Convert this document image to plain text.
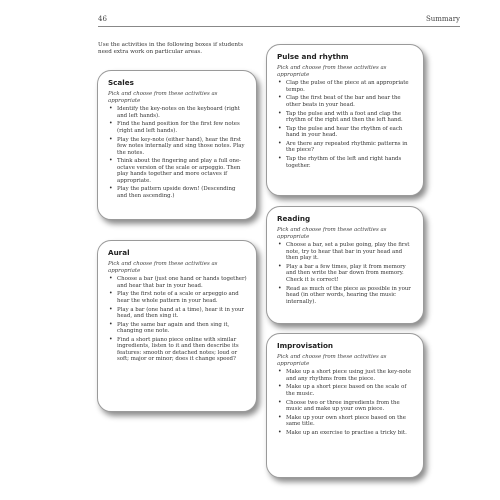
46	Summary
Use the activities in the following boxes if students need extra work on particular areas.
Scales

Pick and choose from these activities as appropriate

• Identify the key-notes on the keyboard (right and left hands).
• Find the hand position for the first few notes (right and left hands).
• Play the key-note (either hand), hear the first few notes internally and sing those notes. Play the notes.
• Think about the fingering and play a full one-octave version of the scale or arpeggio. Then play hands together and more octaves if appropriate.
• Play the pattern upside down! (Descending and then ascending.)
Aural

Pick and choose from these activities as appropriate

• Choose a bar (just one hand or hands together) and hear that bar in your head.
• Play the first note of a scale or arpeggio and hear the whole pattern in your head.
• Play a bar (one hand at a time), hear it in your head, and then sing it.
• Play the same bar again and then sing it, changing one note.
• Find a short piano piece online with similar ingredients, listen to it and then describe its features: smooth or detached notes; loud or soft; major or minor; does it change speed?
Pulse and rhythm

Pick and choose from these activities as appropriate

• Clap the pulse of the piece at an appropriate tempo.
• Clap the first beat of the bar and hear the other beats in your head.
• Tap the pulse and with a foot and clap the rhythm of the right and then the left hand.
• Tap the pulse and hear the rhythm of each hand in your head.
• Are there any repeated rhythmic patterns in the piece?
• Tap the rhythm of the left and right hands together.
Reading

Pick and choose from these activities as appropriate

• Choose a bar, set a pulse going, play the first note, try to hear that bar in your head and then play it.
• Play a bar a few times, play it from memory and then write the bar down from memory. Check it is correct!
• Read as much of the piece as possible in your head (in other words, hearing the music internally).
Improvisation

Pick and choose from these activities as appropriate

• Make up a short piece using just the key-note and any rhythms from the piece.
• Make up a short piece based on the scale of the music.
• Choose two or three ingredients from the music and make up your own piece.
• Make up your own short piece based on the same title.
• Make up an exercise to practise a tricky bit.
